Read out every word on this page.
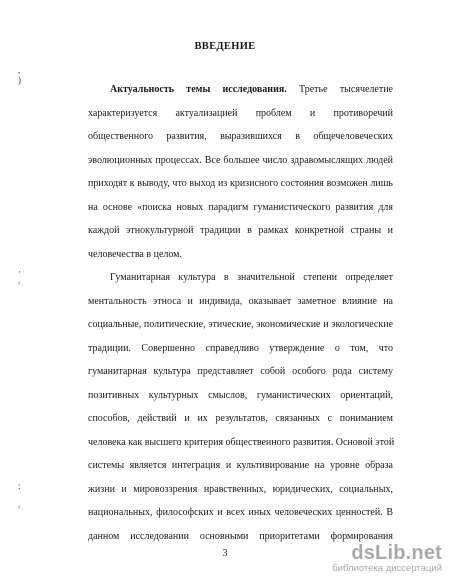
ВВЕДЕНИЕ
,
)
·
,
:
,
Актуальность темы исследования. Третье тысячелетие
характеризуется актуализацией проблем и противоречий
общественного развития, выразившихся в общечеловеческих
эволюционных процессах. Все большее число здравомыслящих людей
приходят к выводу, что выход из кризисного состояния возможен лишь
на основе «поиска новых парадигм гуманистического развития для
каждой этнокультурной традиции в рамках конкретной страны и
человечества в целом.
Гуманитарная культура в значительной степени определяет
ментальность этноса и индивида, оказывает заметное влияние на
социальные, политические, этические, экономические и экологические
традиции. Совершенно справедливо утверждение о том, что
гуманитарная культура представляет собой особого рода систему
позитивных культурных смыслов, гуманистических ориентаций,
способов, действий и их результатов, связанных с пониманием
человека как высшего критерия общественного развития. Основой этой
системы является интеграция и культивирование на уровне образа
жизни и мировоззрения нравственных, юридических, социальных,
национальных, философских и всех иных человеческих ценностей. В
данном исследовании основными приоритетами формирования
3	dsLib.net
библиотека диссертаций
